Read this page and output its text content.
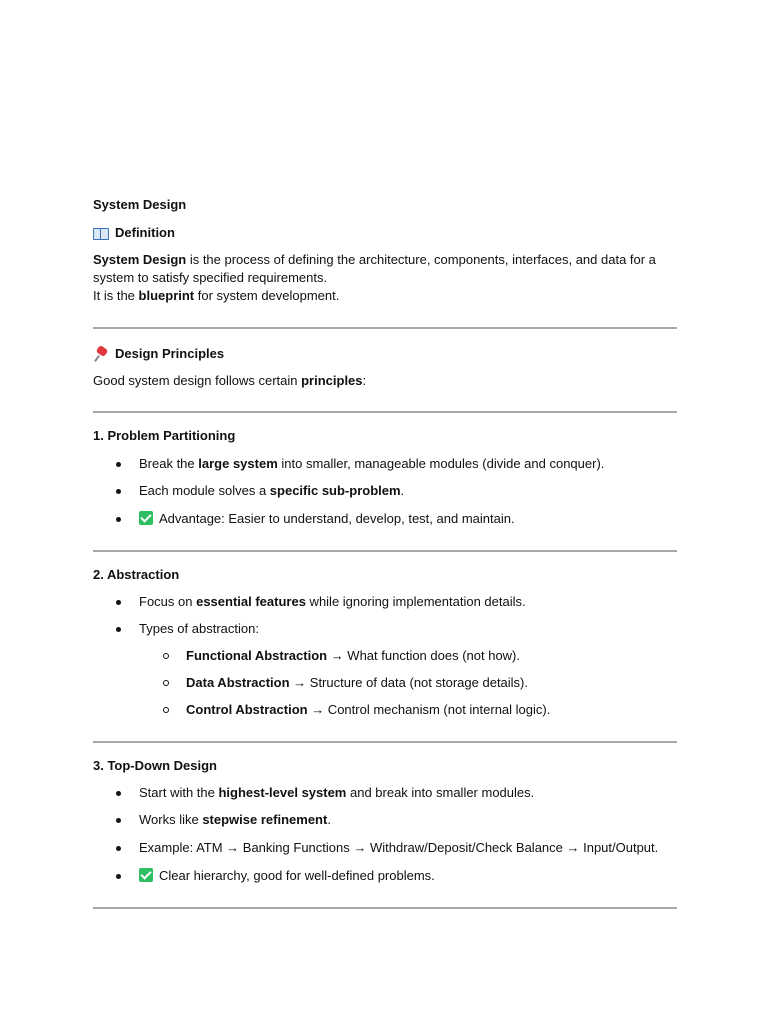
System Design
Definition

System Design is the process of defining the architecture, components, interfaces, and data for a

system to satisfy specified requirements.

It is the blueprint for system development.

Design Principles

Good system design follows certain principles:

1. Problem Partitioning
Break the large system into smaller, manageable modules (divide and conquer).
Each module solves a specific sub-problem.
Advantage: Easier to understand, develop, test, and maintain.
2. Abstraction
Focus on essential features while ignoring implementation details.
Types of abstraction:
Functional Abstraction → What function does (not how).
Data Abstraction → Structure of data (not storage details).
Control Abstraction → Control mechanism (not internal logic).
3. Top-Down Design
Start with the highest-level system and break into smaller modules.
Works like stepwise refinement.
Example: ATM → Banking Functions → Withdraw/Deposit/Check Balance → Input/Output.
Clear hierarchy, good for well-defined problems.
